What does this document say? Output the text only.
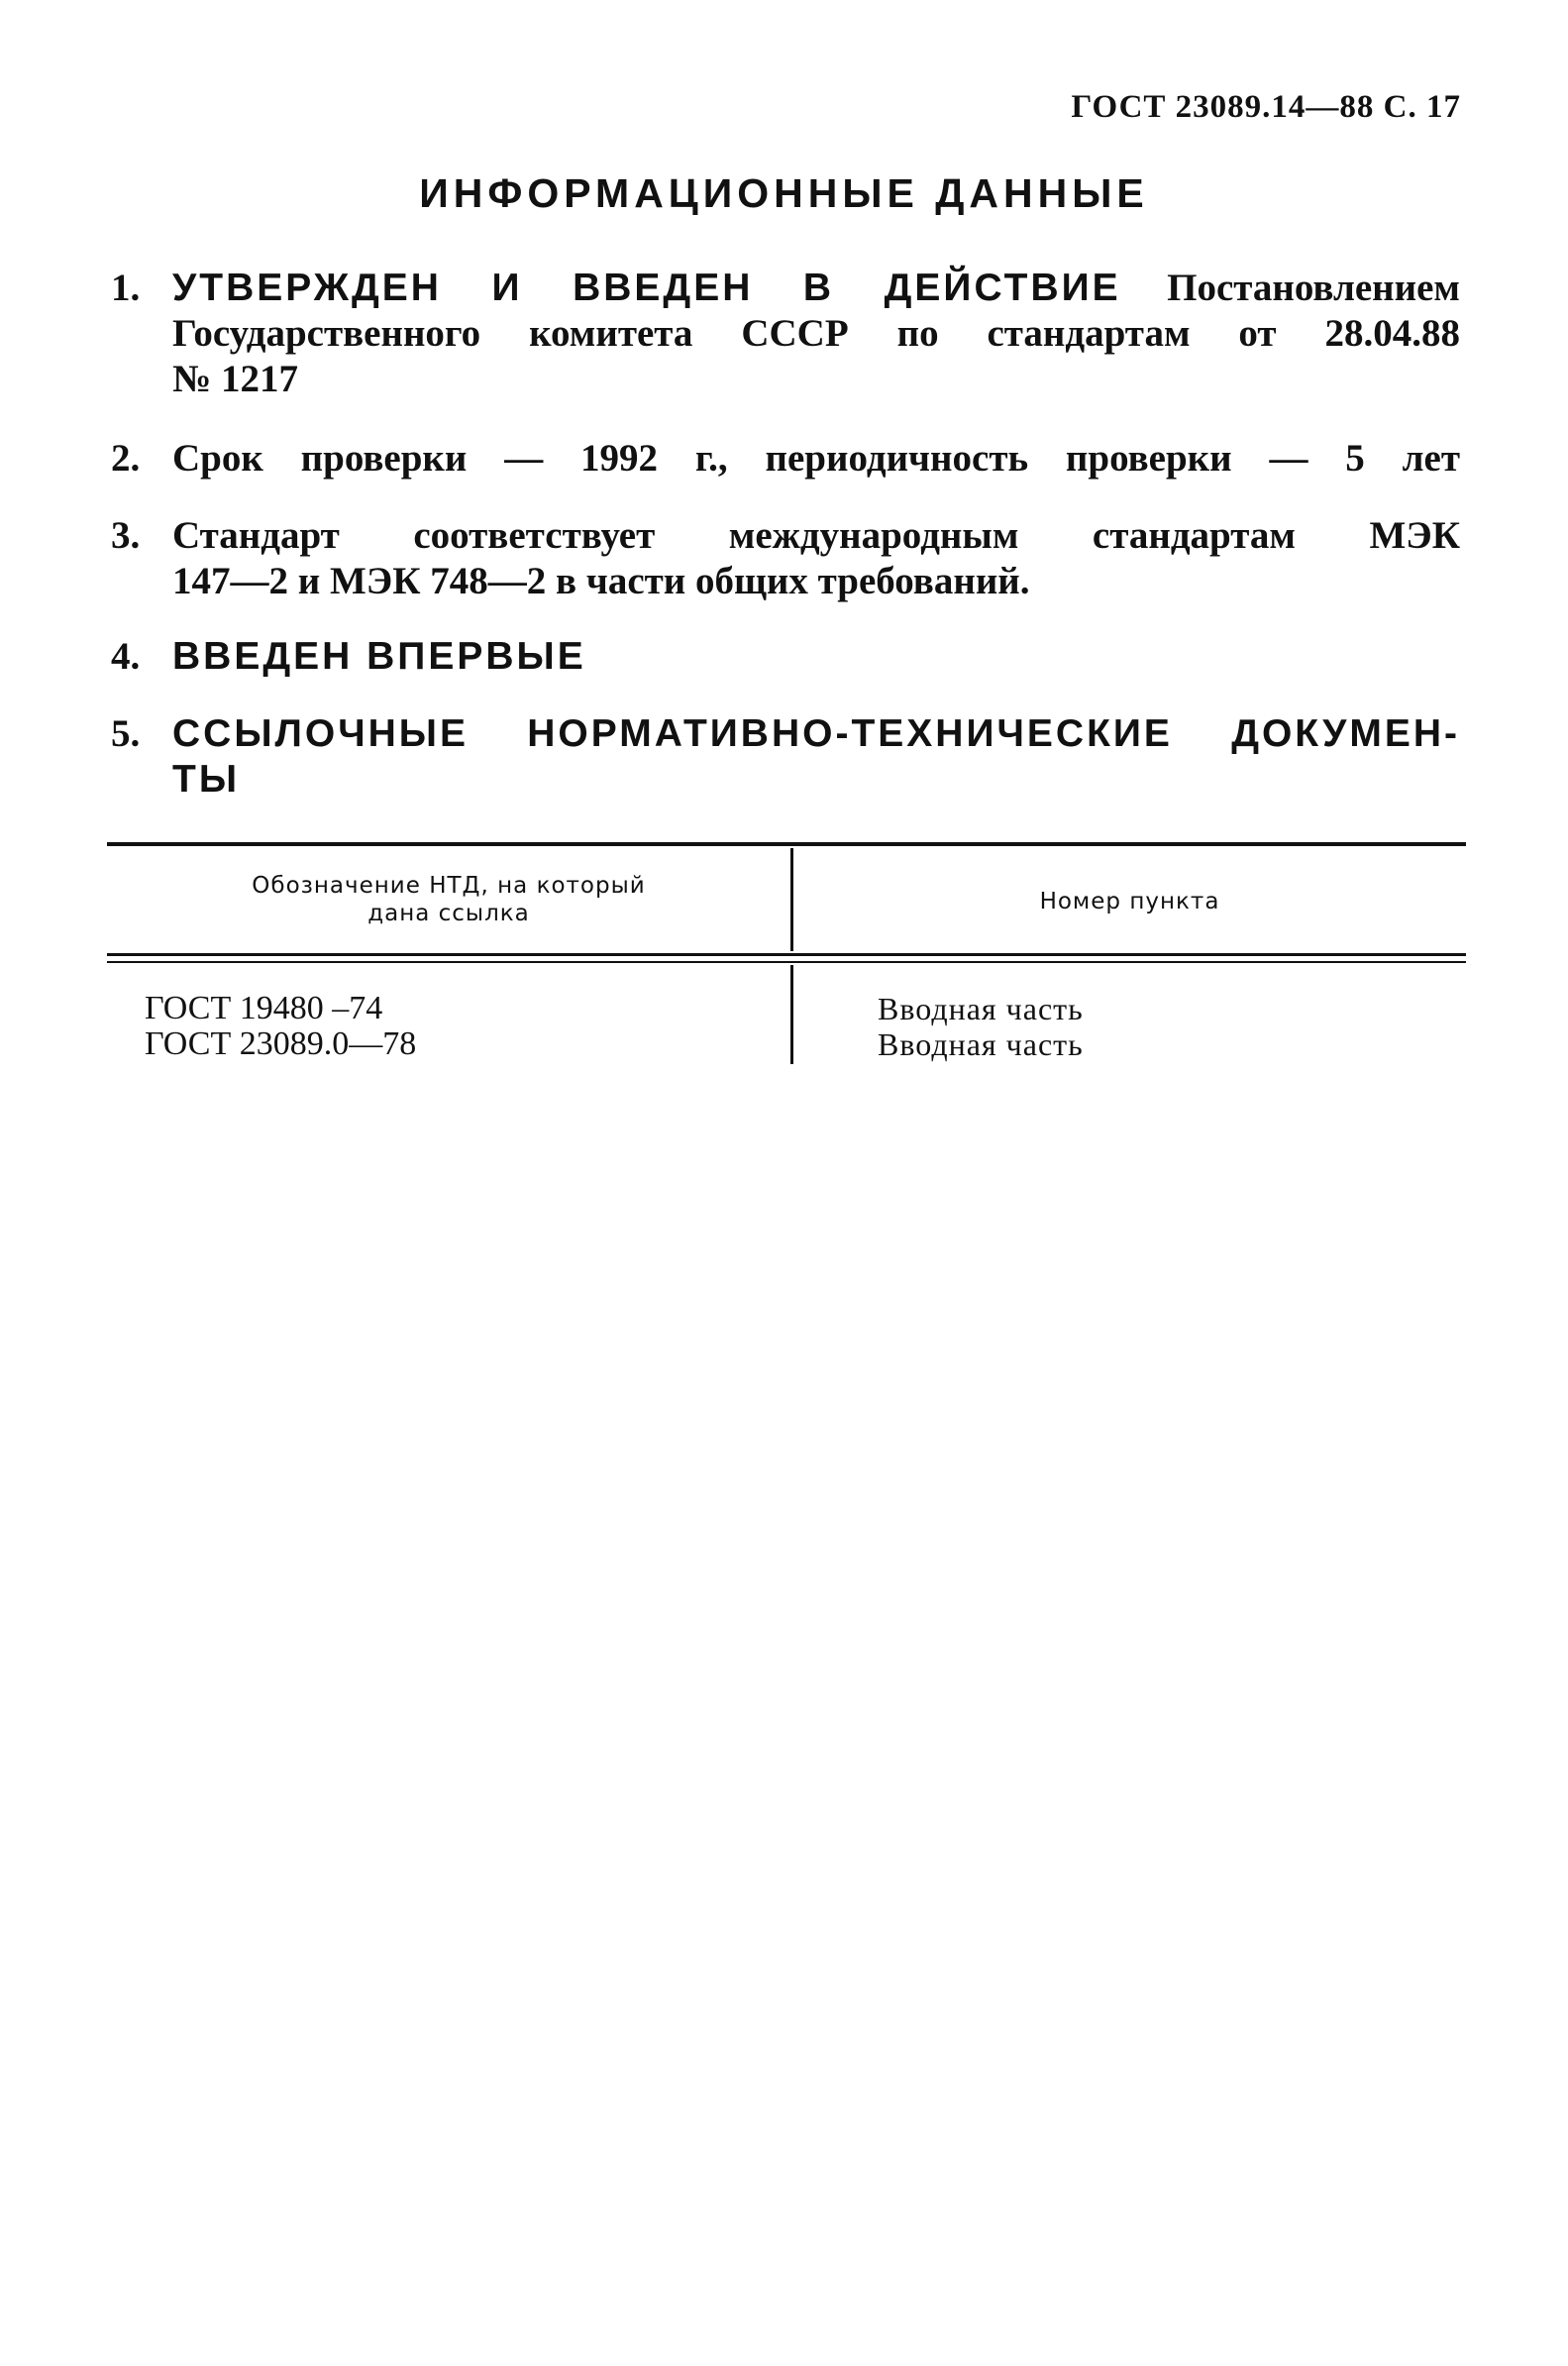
ГОСТ 23089.14—88 С. 17
ИНФОРМАЦИОННЫЕ ДАННЫЕ
1. УТВЕРЖДЕН И ВВЕДЕН В ДЕЙСТВИЕ Постановлением
Государственного комитета СССР по стандартам от 28.04.88
№ 1217
2. Срок проверки — 1992 г., периодичность проверки — 5 лет
3. Стандарт соответствует международным стандартам МЭК
147—2 и МЭК 748—2 в части общих требований.
4. ВВЕДЕН ВПЕРВЫЕ
5. ССЫЛОЧНЫЕ НОРМАТИВНО-ТЕХНИЧЕСКИЕ ДОКУМЕН-
ТЫ
Обозначение НТД, на который
дана ссылка	Номер пункта
ГОСТ 19480 –74
ГОСТ 23089.0—78
Вводная часть
Вводная часть
